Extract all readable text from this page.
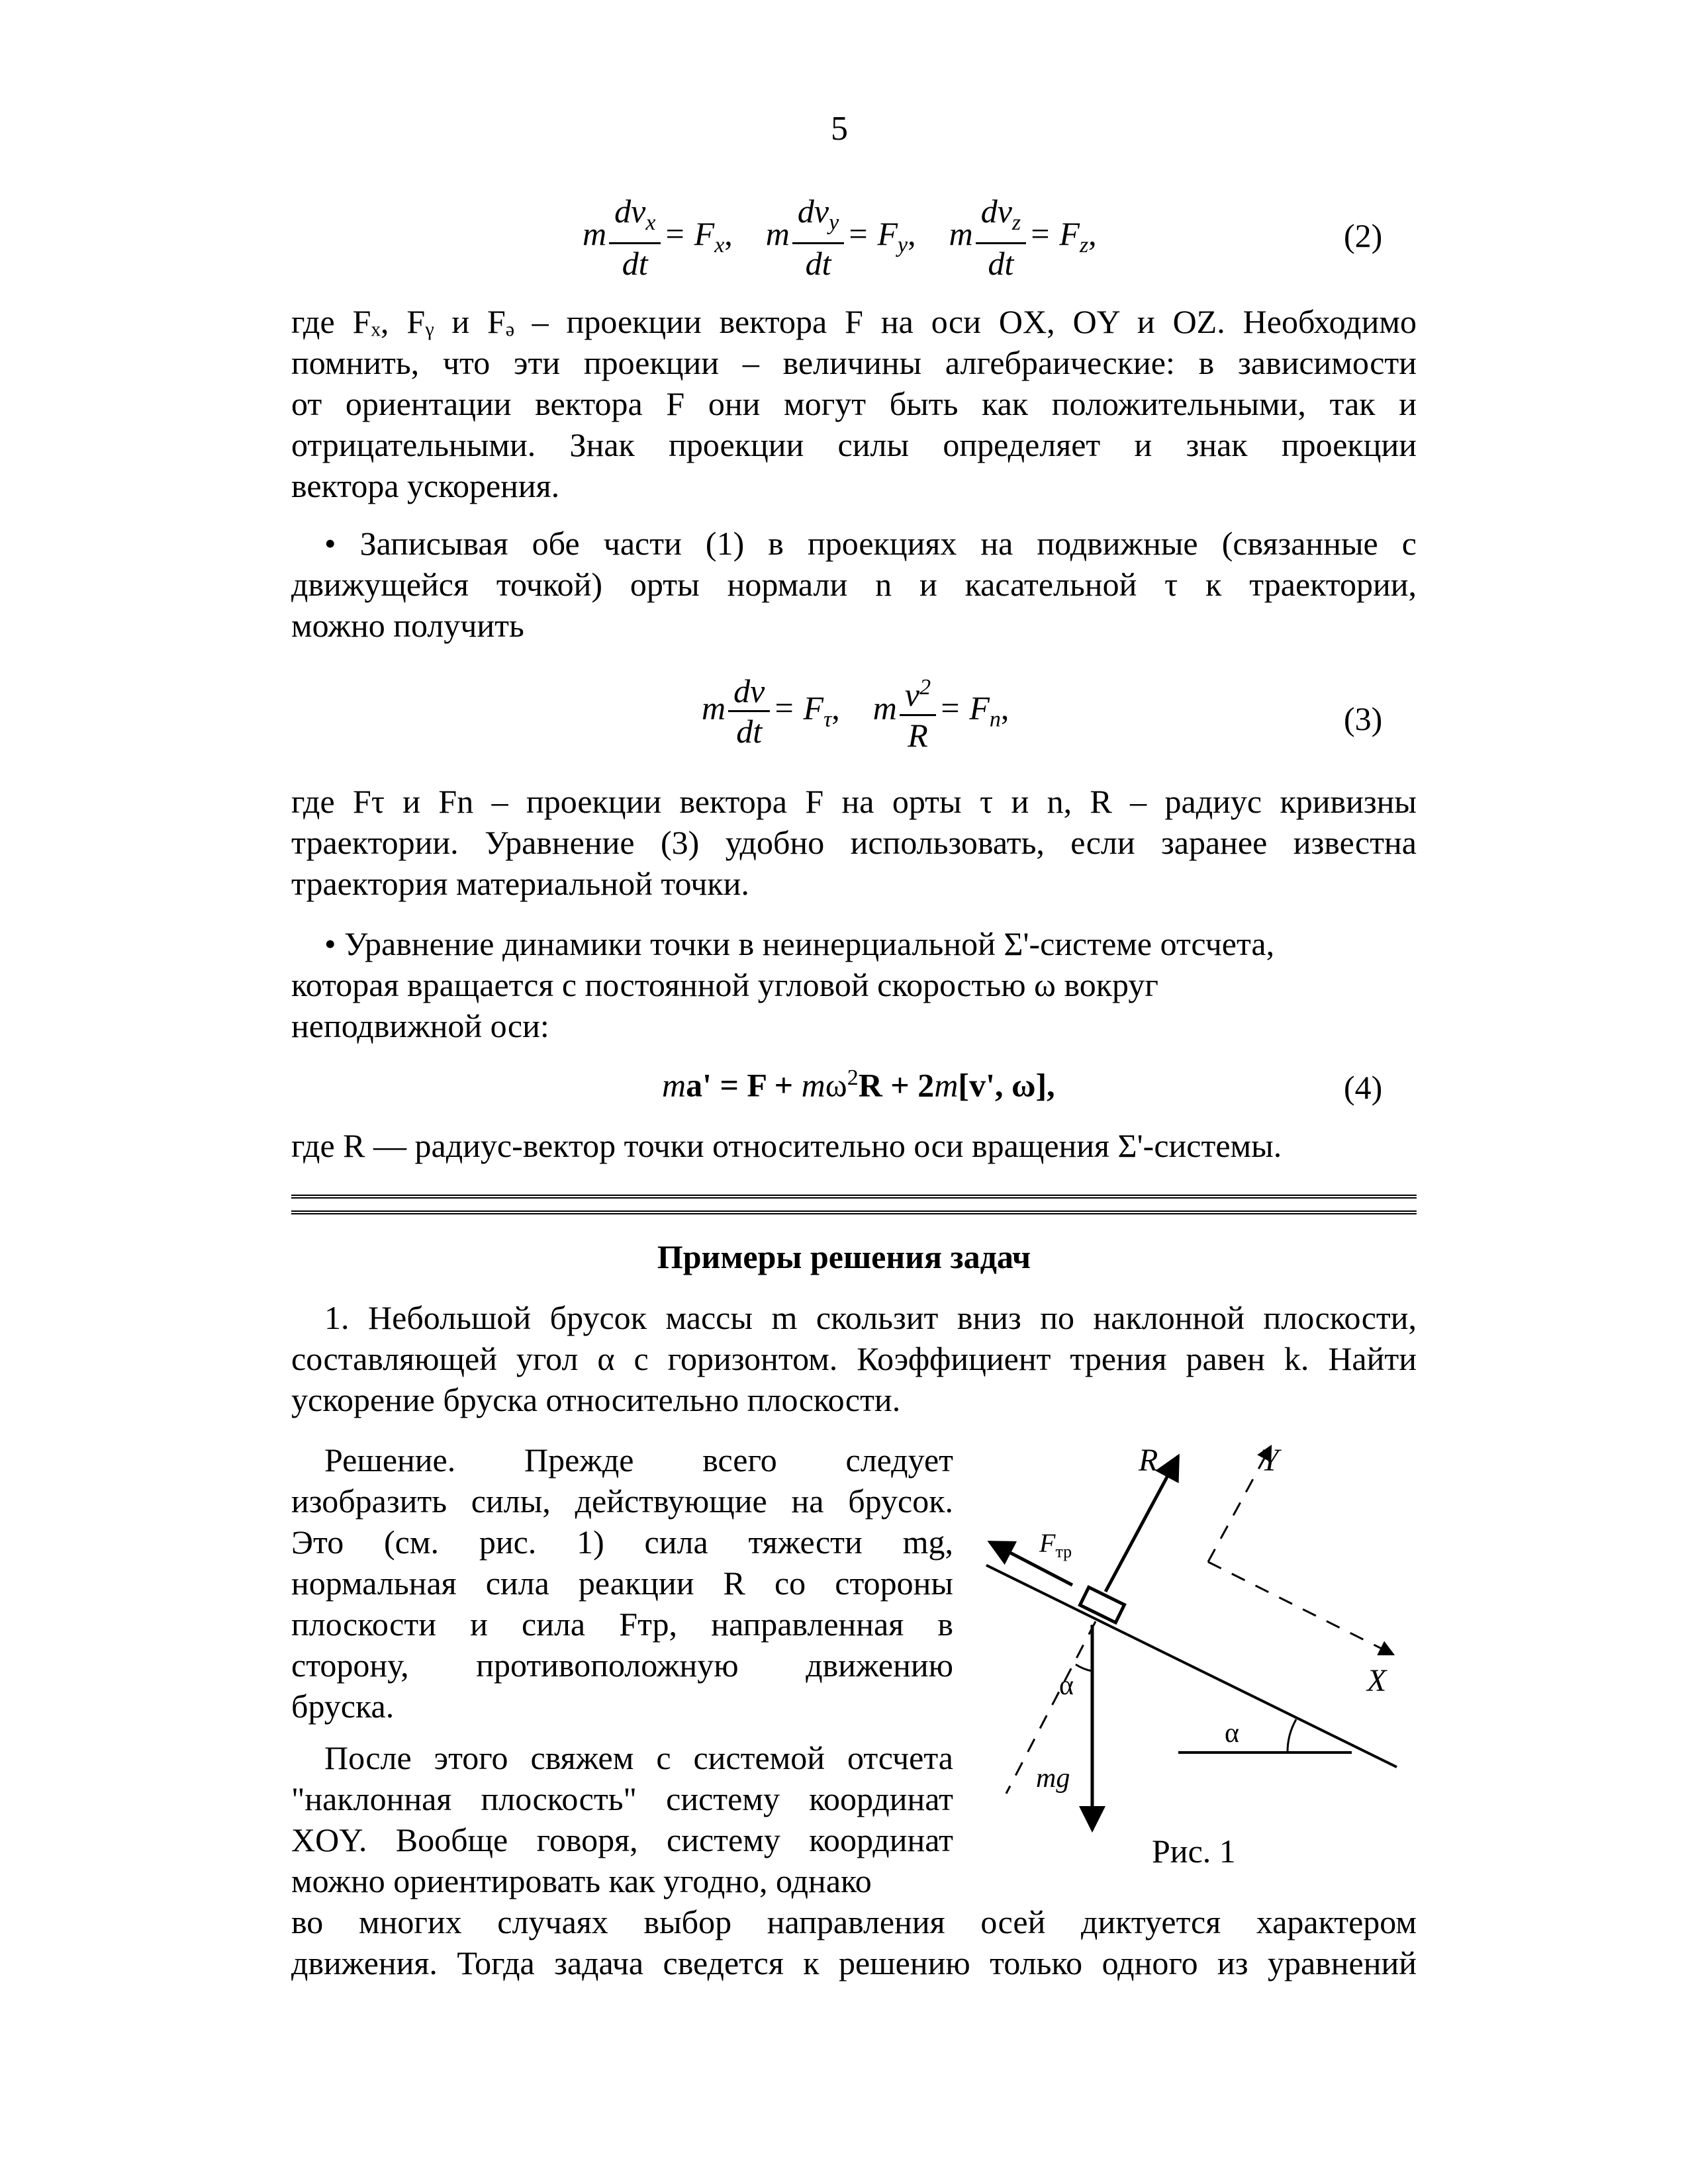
5
m $\frac{dv_x}{dt} = F_x$, m $\frac{dv_y}{dt} = F_y$, m $\frac{dv_z}{dt} = F_z$,	(2)
где Fₓ, Fᵧ и Fₔ – проекции вектора F на оси OX, OY и OZ. Необходимо
помнить, что эти проекции – величины алгебраические: в зависимости
от ориентации вектора F они могут быть как положительными, так и
отрицательными. Знак проекции силы определяет и знак проекции
вектора ускорения.
• Записывая обе части (1) в проекциях на подвижные (связанные с
движущейся точкой) орты нормали n и касательной τ к траектории,
можно получить
m $\frac{dv}{dt} = F_\tau$, m $\frac{v^2}{R} = F_n$,	(3)
где Fτ и Fn – проекции вектора F на орты τ и n, R – радиус кривизны
траектории. Уравнение (3) удобно использовать, если заранее известна
траектория материальной точки.
• Уравнение динамики точки в неинерциальной Σ'-системе отсчета,
которая вращается с постоянной угловой скоростью ω вокруг
неподвижной оси:
$ma' = F + m\omega^2R + 2m[v'$, ω],	(4)
где R — радиус-вектор точки относительно оси вращения Σ'-системы.
Примеры решения задач
1. Небольшой брусок массы m скользит вниз по наклонной плоскости,
составляющей угол α с горизонтом. Коэффициент трения равен k. Найти
ускорение бруска относительно плоскости.
Решение. Прежде всего следует
изобразить силы, действующие на брусок.
Это (см. рис. 1) сила тяжести mg,
нормальная сила реакции R со стороны
плоскости и сила Fтр, направленная в
сторону, противоположную движению
бруска.
После этого свяжем с системой отсчета
"наклонная плоскость" систему координат
XOY. Вообще говоря, систему координат
можно ориентировать как угодно, однако
во многих случаях выбор направления осей диктуется характером
движения. Тогда задача сведется к решению только одного из уравнений
R	Y
X
$F_{тр}$
α
α
mg
Рис. 1
